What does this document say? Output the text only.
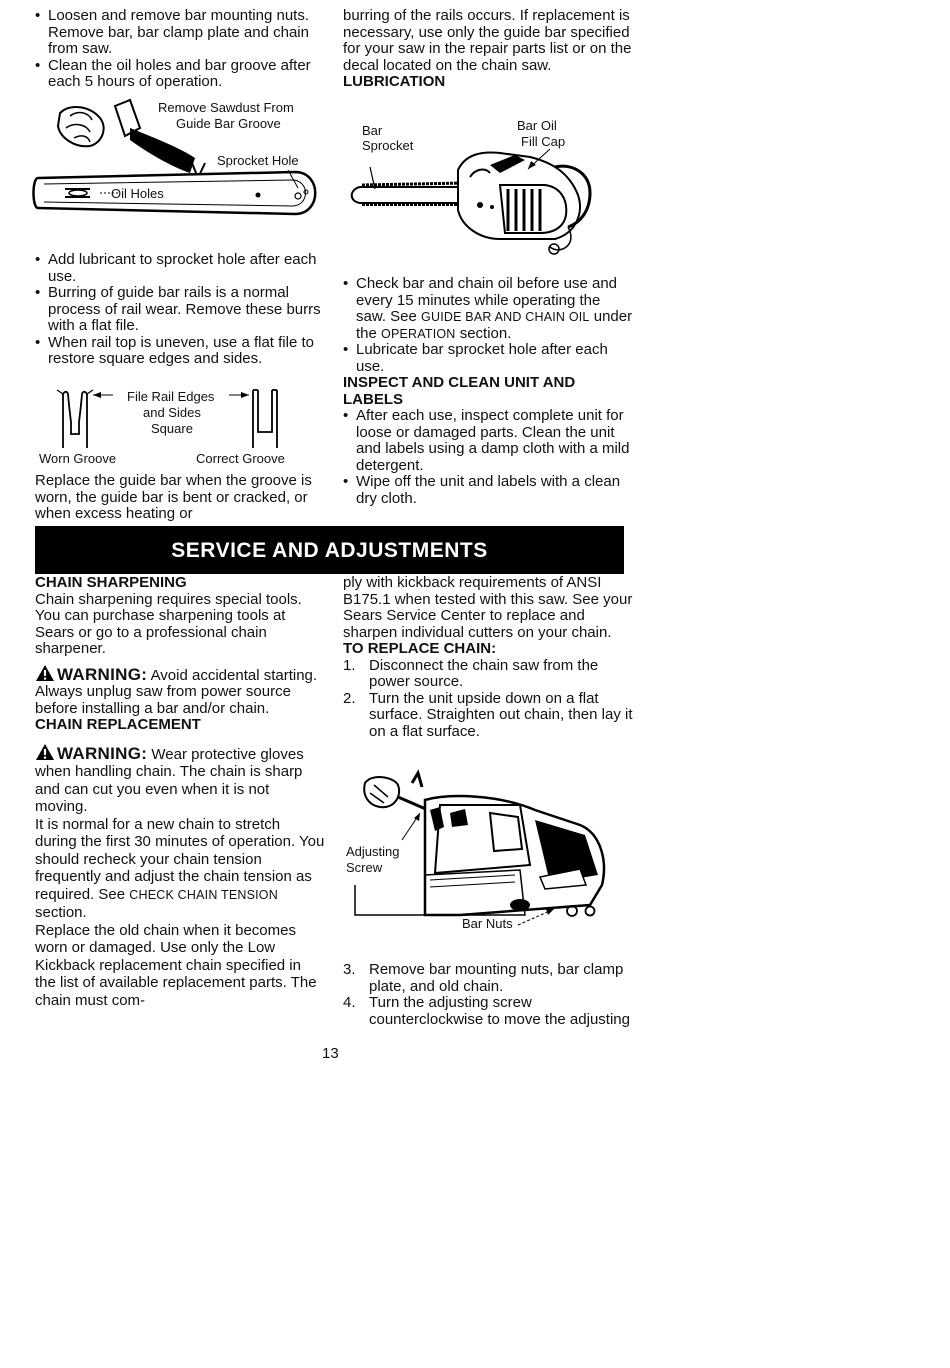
• Loosen and remove bar mounting nuts. Remove bar, bar clamp plate and chain from saw.
• Clean the oil holes and bar groove after each 5 hours of operation.
Remove Sawdust From
Guide Bar Groove
Sprocket Hole
Oil Holes
• Add lubricant to sprocket hole after each use.
• Burring of guide bar rails is a normal process of rail wear. Remove these burrs with a flat file.
• When rail top is uneven, use a flat file to restore square edges and sides.
File Rail Edges
and Sides
Square
Worn Groove	Correct Groove

Replace the guide bar when the groove is worn, the guide bar is bent or cracked, or when excess heating or

burring of the rails occurs. If replacement is necessary, use only the guide bar specified for your saw in the repair parts list or on the decal located on the chain saw.

LUBRICATION

Bar
Sprocket
Bar Oil
Fill Cap
• Check bar and chain oil before use and every 15 minutes while operating the saw. See GUIDE BAR AND CHAIN OIL under the OPERATION section.
• Lubricate bar sprocket hole after each use.

INSPECT AND CLEAN UNIT AND LABELS

• After each use, inspect complete unit for loose or damaged parts. Clean the unit and labels using a damp cloth with a mild detergent.
• Wipe off the unit and labels with a clean dry cloth.
SERVICE AND ADJUSTMENTS

CHAIN SHARPENING

Chain sharpening requires special tools. You can purchase sharpening tools at Sears or go to a professional chain sharpener.

WARNING: Avoid accidental starting. Always unplug saw from power source before installing a bar and/or chain.

CHAIN REPLACEMENT

WARNING: Wear protective gloves when handling chain. The chain is sharp and can cut you even when it is not moving.

It is normal for a new chain to stretch during the first 30 minutes of operation. You should recheck your chain tension frequently and adjust the chain tension as required. See CHECK CHAIN TENSION section.

Replace the old chain when it becomes worn or damaged. Use only the Low Kickback replacement chain specified in the list of available replacement parts. The chain must com-

ply with kickback requirements of ANSI B175.1 when tested with this saw. See your Sears Service Center to replace and sharpen individual cutters on your chain.

TO REPLACE CHAIN:

1. Disconnect the chain saw from the power source.
2. Turn the unit upside down on a flat surface. Straighten out chain, then lay it on a flat surface.
Adjusting
Screw
Bar Nuts
3. Remove bar mounting nuts, bar clamp plate, and old chain.
4. Turn the adjusting screw counterclockwise to move the adjusting
13
